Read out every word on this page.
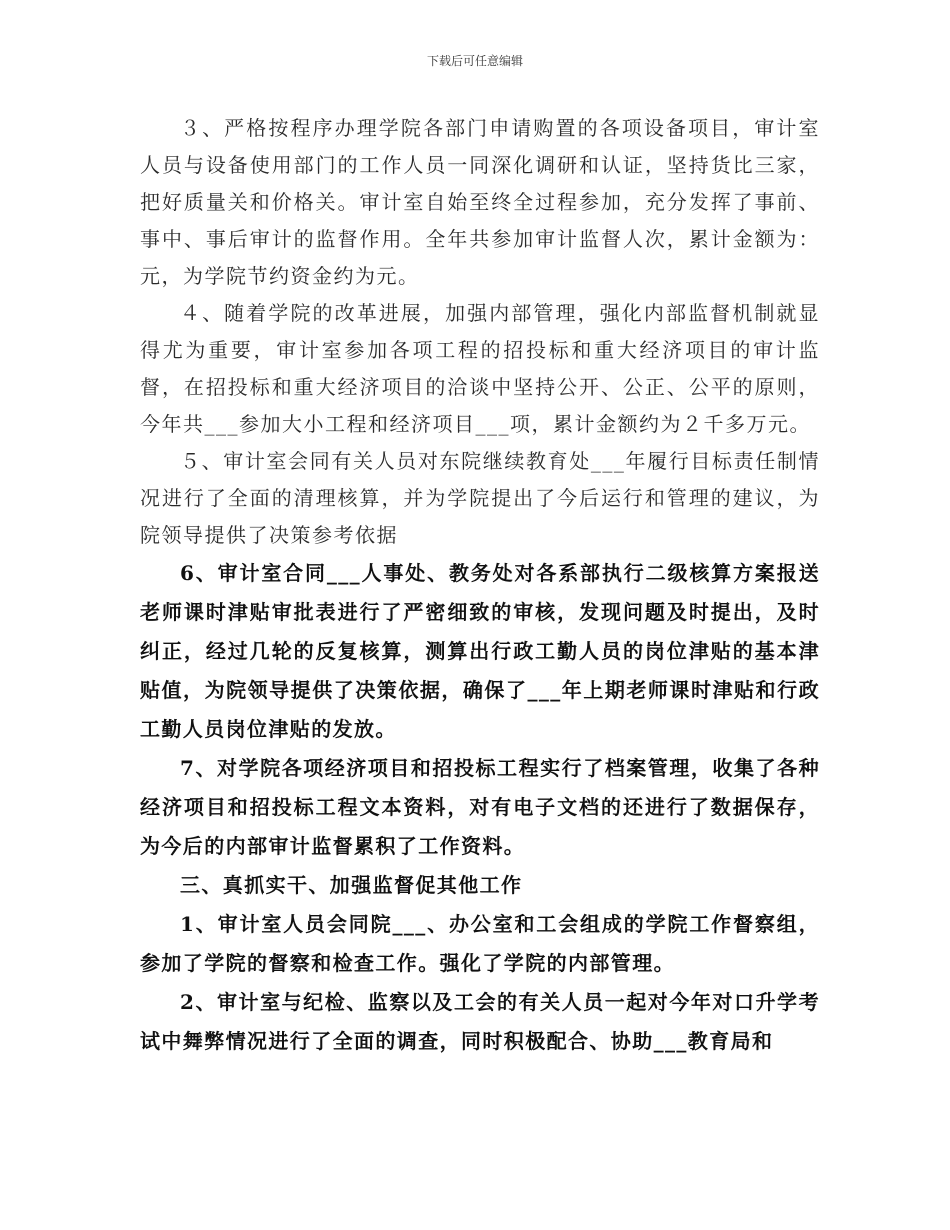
下载后可任意编辑

３、严格按程序办理学院各部门申请购置的各项设备项目，审计室人员与设备使用部门的工作人员一同深化调研和认证，坚持货比三家，把好质量关和价格关。审计室自始至终全过程参加，充分发挥了事前、事中、事后审计的监督作用。全年共参加审计监督人次，累计金额为：元，为学院节约资金约为元。

４、随着学院的改革进展，加强内部管理，强化内部监督机制就显得尤为重要，审计室参加各项工程的招投标和重大经济项目的审计监督，在招投标和重大经济项目的洽谈中坚持公开、公正、公平的原则，今年共___参加大小工程和经济项目___项，累计金额约为２千多万元。

５、审计室会同有关人员对东院继续教育处___年履行目标责任制情况进行了全面的清理核算，并为学院提出了今后运行和管理的建议，为院领导提供了决策参考依据

6、审计室合同___人事处、教务处对各系部执行二级核算方案报送老师课时津贴审批表进行了严密细致的审核，发现问题及时提出，及时纠正，经过几轮的反复核算，测算出行政工勤人员的岗位津贴的基本津贴值，为院领导提供了决策依据，确保了___年上期老师课时津贴和行政工勤人员岗位津贴的发放。

7、对学院各项经济项目和招投标工程实行了档案管理，收集了各种经济项目和招投标工程文本资料，对有电子文档的还进行了数据保存，为今后的内部审计监督累积了工作资料。

三、真抓实干、加强监督促其他工作

1、审计室人员会同院___、办公室和工会组成的学院工作督察组，参加了学院的督察和检查工作。强化了学院的内部管理。

2、审计室与纪检、监察以及工会的有关人员一起对今年对口升学考试中舞弊情况进行了全面的调查，同时积极配合、协助___教育局和
